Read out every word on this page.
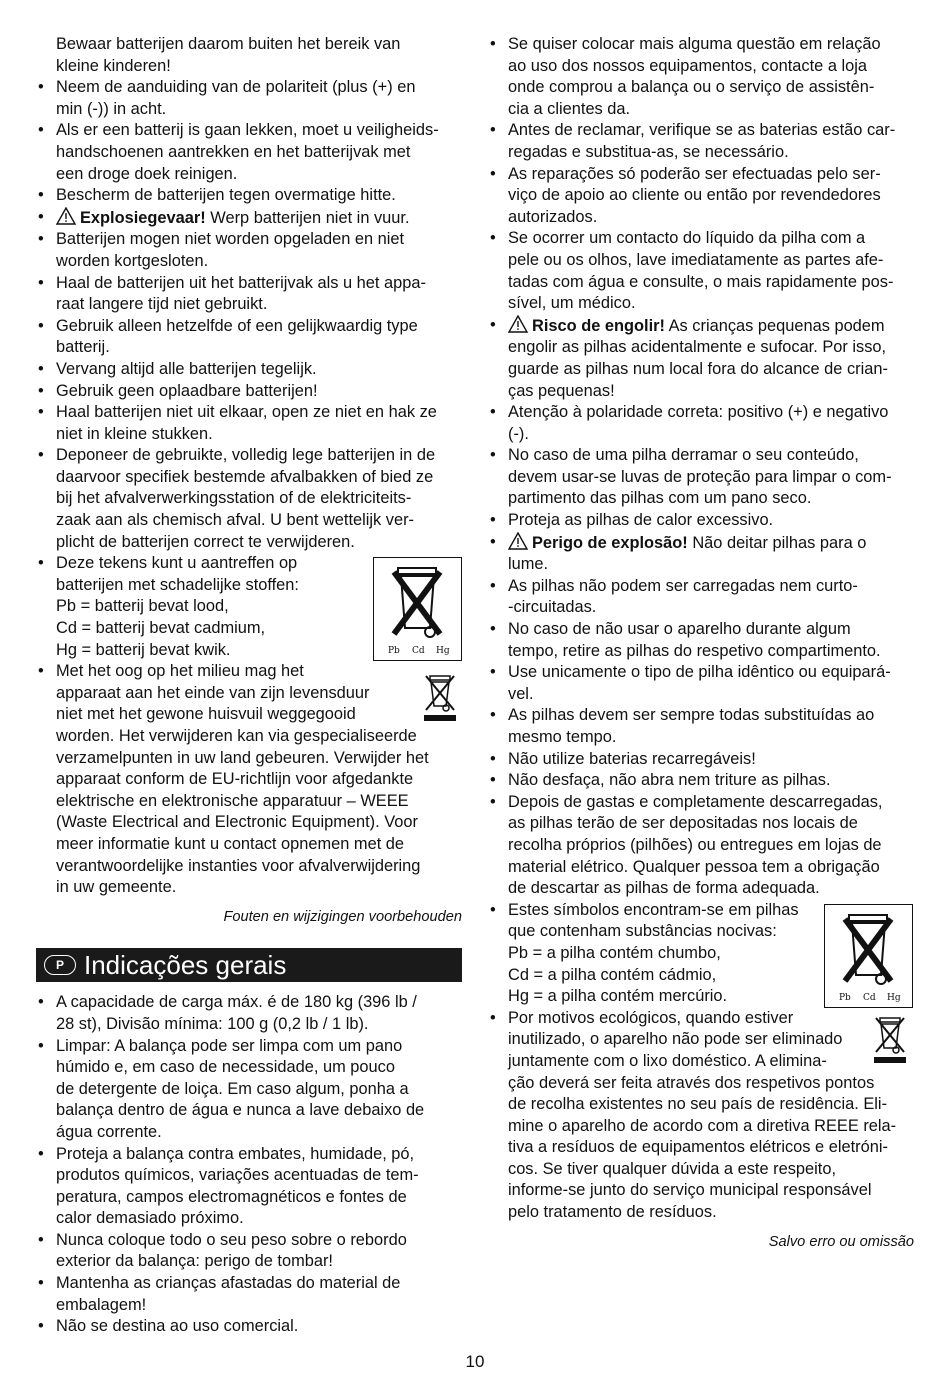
Bewaar batterijen daarom buiten het bereik van
kleine kinderen!
• Neem de aanduiding van de polariteit (plus (+) en
min (-)) in acht.
• Als er een batterij is gaan lekken, moet u veiligheids-
handschoenen aantrekken en het batterijvak met
een droge doek reinigen.
• Bescherm de batterijen tegen overmatige hitte.
• Explosiegevaar! Werp batterijen niet in vuur.
• Batterijen mogen niet worden opgeladen en niet
worden kortgesloten.
• Haal de batterijen uit het batterijvak als u het appa-
raat langere tijd niet gebruikt.
• Gebruik alleen hetzelfde of een gelijkwaardig type
batterij.
• Vervang altijd alle batterijen tegelijk.
• Gebruik geen oplaadbare batterijen!
• Haal batterijen niet uit elkaar, open ze niet en hak ze
niet in kleine stukken.
• Deponeer de gebruikte, volledig lege batterijen in de
daarvoor specifiek bestemde afvalbakken of bied ze
bij het afvalverwerkingsstation of de elektriciteits-
zaak aan als chemisch afval. U bent wettelijk ver-
plicht de batterijen correct te verwijderen.
• Deze tekens kunt u aantreffen op
batterijen met schadelijke stoffen:
Pb = batterij bevat lood,
Cd = batterij bevat cadmium,
Hg = batterij bevat kwik.
• Met het oog op het milieu mag het
apparaat aan het einde van zijn levensduur
niet met het gewone huisvuil weggegooid
worden. Het verwijderen kan via gespecialiseerde
verzamelpunten in uw land gebeuren. Verwijder het
apparaat conform de EU-richtlijn voor afgedankte
elektrische en elektronische apparatuur – WEEE
(Waste Electrical and Electronic Equipment). Voor
meer informatie kunt u contact opnemen met de
verantwoordelijke instanties voor afvalverwijdering
in uw gemeente.
Fouten en wijzigingen voorbehouden
P Indicações gerais
• A capacidade de carga máx. é de 180 kg (396 lb /
28 st), Divisão mínima: 100 g (0,2 lb / 1 lb).
• Limpar: A balança pode ser limpa com um pano
húmido e, em caso de necessidade, um pouco
de detergente de loiça. Em caso algum, ponha a
balança dentro de água e nunca a lave debaixo de
água corrente.
• Proteja a balança contra embates, humidade, pó,
produtos químicos, variações acentuadas de tem-
peratura, campos electromagnéticos e fontes de
calor demasiado próximo.
• Nunca coloque todo o seu peso sobre o rebordo
exterior da balança: perigo de tombar!
• Mantenha as crianças afastadas do material de
embalagem!
• Não se destina ao uso comercial.
• Se quiser colocar mais alguma questão em relação
ao uso dos nossos equipamentos, contacte a loja
onde comprou a balança ou o serviço de assistên-
cia a clientes da.
• Antes de reclamar, verifique se as baterias estão car-
regadas e substitua-as, se necessário.
• As reparações só poderão ser efectuadas pelo ser-
viço de apoio ao cliente ou então por revendedores
autorizados.
• Se ocorrer um contacto do líquido da pilha com a
pele ou os olhos, lave imediatamente as partes afe-
tadas com água e consulte, o mais rapidamente pos-
sível, um médico.
• Risco de engolir! As crianças pequenas podem
engolir as pilhas acidentalmente e sufocar. Por isso,
guarde as pilhas num local fora do alcance de crian-
ças pequenas!
• Atenção à polaridade correta: positivo (+) e negativo
(-).
• No caso de uma pilha derramar o seu conteúdo,
devem usar-se luvas de proteção para limpar o com-
partimento das pilhas com um pano seco.
• Proteja as pilhas de calor excessivo.
• Perigo de explosão! Não deitar pilhas para o
lume.
• As pilhas não podem ser carregadas nem curto-
-circuitadas.
• No caso de não usar o aparelho durante algum
tempo, retire as pilhas do respetivo compartimento.
• Use unicamente o tipo de pilha idêntico ou equipará-
vel.
• As pilhas devem ser sempre todas substituídas ao
mesmo tempo.
• Não utilize baterias recarregáveis!
• Não desfaça, não abra nem triture as pilhas.
• Depois de gastas e completamente descarregadas,
as pilhas terão de ser depositadas nos locais de
recolha próprios (pilhões) ou entregues em lojas de
material elétrico. Qualquer pessoa tem a obrigação
de descartar as pilhas de forma adequada.
• Estes símbolos encontram-se em pilhas
que contenham substâncias nocivas:
Pb = a pilha contém chumbo,
Cd = a pilha contém cádmio,
Hg = a pilha contém mercúrio.
• Por motivos ecológicos, quando estiver
inutilizado, o aparelho não pode ser eliminado
juntamente com o lixo doméstico. A elimina-
ção deverá ser feita através dos respetivos pontos
de recolha existentes no seu país de residência. Eli-
mine o aparelho de acordo com a diretiva REEE rela-
tiva a resíduos de equipamentos elétricos e eletróni-
cos. Se tiver qualquer dúvida a este respeito,
informe-se junto do serviço municipal responsável
pelo tratamento de resíduos.
Salvo erro ou omissão
Pb Cd Hg
Pb Cd Hg
10
